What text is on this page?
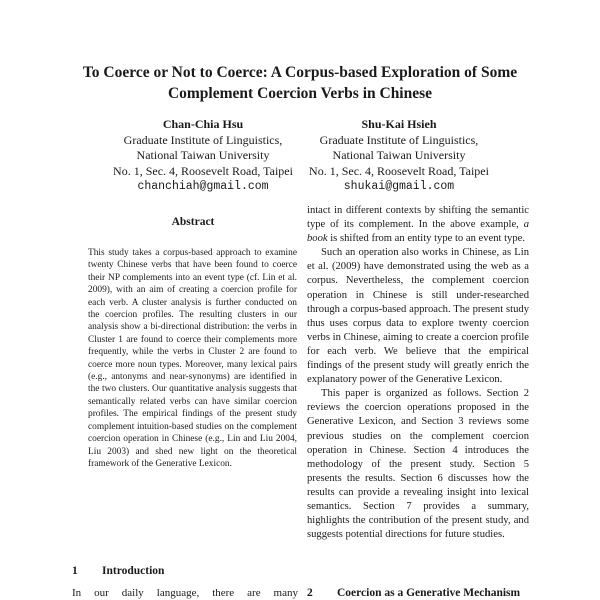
To Coerce or Not to Coerce: A Corpus-based Exploration of Some
Complement Coercion Verbs in Chinese
Chan-Chia Hsu
Graduate Institute of Linguistics,
National Taiwan University
No. 1, Sec. 4, Roosevelt Road, Taipei
chanchiah@gmail.com
Shu-Kai Hsieh
Graduate Institute of Linguistics,
National Taiwan University
No. 1, Sec. 4, Roosevelt Road, Taipei
shukai@gmail.com
Abstract
This study takes a corpus-based approach to examine twenty Chinese verbs that have been found to coerce their NP complements into an event type (cf. Lin et al. 2009), with an aim of creating a coercion profile for each verb. A cluster analysis is further conducted on the coercion profiles. The resulting clusters in our analysis show a bi-directional distribution: the verbs in Cluster 1 are found to coerce their complements more frequently, while the verbs in Cluster 2 are found to coerce more noun types. Moreover, many lexical pairs (e.g., antonyms and near-synonyms) are identified in the two clusters. Our quantitative analysis suggests that semantically related verbs can have similar coercion profiles. The empirical findings of the present study complement intuition-based studies on the complement coercion operation in Chinese (e.g., Lin and Liu 2004, Liu 2003) and shed new light on the theoretical framework of the Generative Lexicon.
1 Introduction
In our daily language, there are many

intact in different contexts by shifting the semantic type of its complement. In the above example, a book is shifted from an entity type to an event type.

Such an operation also works in Chinese, as Lin et al. (2009) have demonstrated using the web as a corpus. Nevertheless, the complement coercion operation in Chinese is still under-researched through a corpus-based approach. The present study thus uses corpus data to explore twenty coercion verbs in Chinese, aiming to create a coercion profile for each verb. We believe that the empirical findings of the present study will greatly enrich the explanatory power of the Generative Lexicon.

This paper is organized as follows. Section 2 reviews the coercion operations proposed in the Generative Lexicon, and Section 3 reviews some previous studies on the complement coercion operation in Chinese. Section 4 introduces the methodology of the present study. Section 5 presents the results. Section 6 discusses how the results can provide a revealing insight into lexical semantics. Section 7 provides a summary, highlights the contribution of the present study, and suggests potential directions for future studies.

2 Coercion as a Generative Mechanism
